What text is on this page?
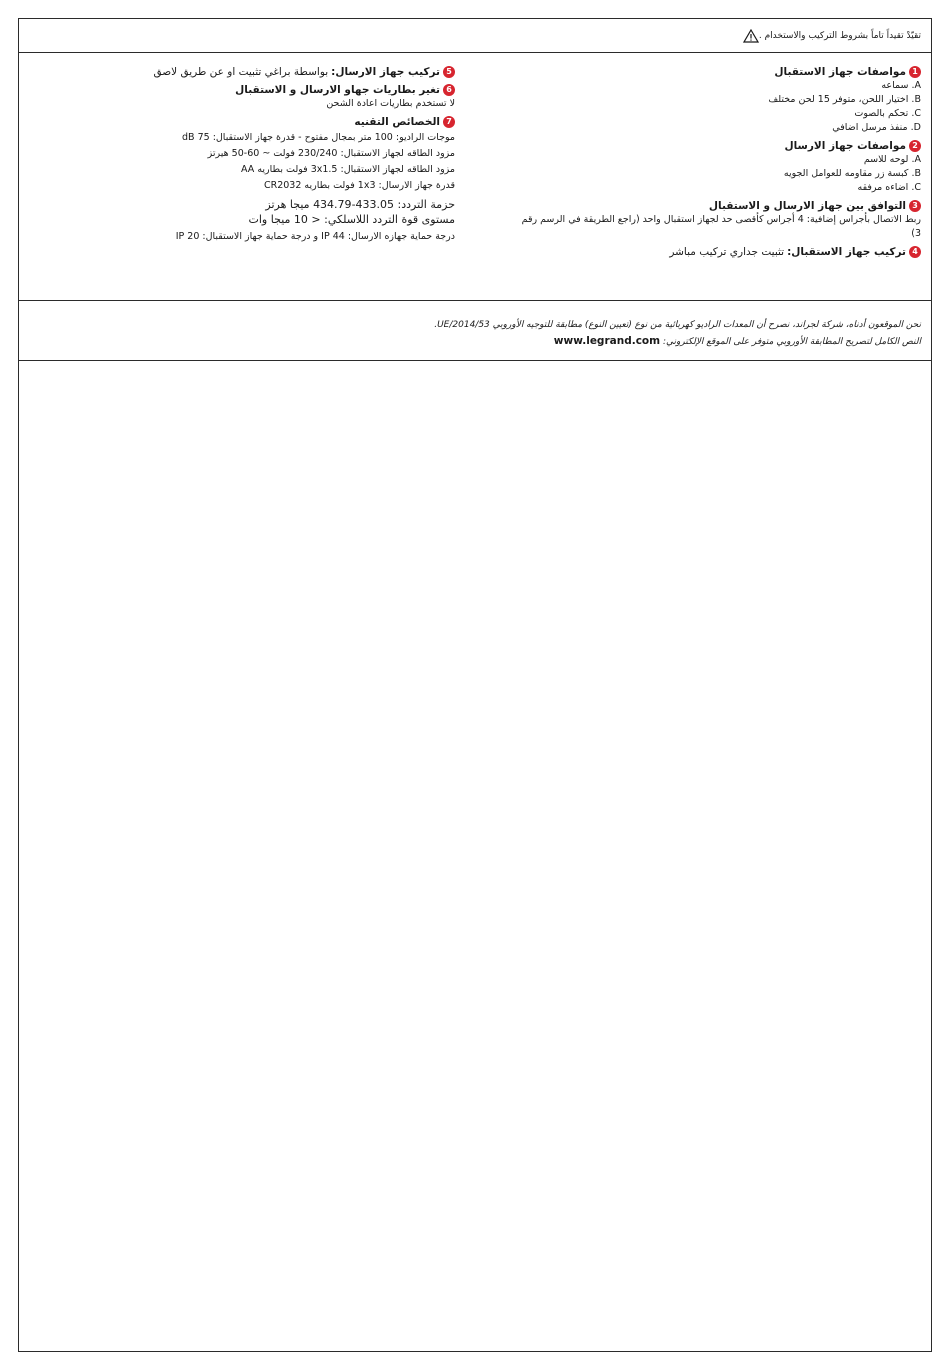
تقيّدْ تقيداً تاماً بشروط التركيب والاستخدام .
1
مواصفات جهاز الاستقبال
A. سماعه
B. اختيار اللحن، متوفر 15 لحن مختلف
C. تحكم بالصوت
D. منفذ مرسل اضافي
2
مواصفات جهاز الارسال
A. لوحه للاسم
B. كبسة زر مقاومه للعوامل الجويه
C. اضاءه مرفقه
3
التوافق بين جهاز الارسال و الاستقبال
ربط الاتصال بأجراس إضافية: 4 أجراس كأقصى حد لجهاز استقبال واحد (راجع الطريقة في الرسم رقم 3)
4
تركيب جهاز الاستقبال:
تثبيت جداري تركيب مباشر
5
تركيب جهاز الارسال:
بواسطة براغي تثبيت او عن طريق لاصق
6
تغير بطاريات جهاو الارسال و الاستقبال
لا تستخدم بطاريات اعادة الشحن
7
الخصائص التقنيه
موجات الراديو: 100 متر بمجال مفتوح - قدرة جهاز الاستقبال: 75 dB
مزود الطاقه لجهاز الاستقبال: 230/240 فولت ~ 60-50 هيرتز
مزود الطاقه لجهاز الاستقبال: 3x1.5 فولت بطاريه AA
قدرة جهاز الارسال: 1x3 فولت بطاريه CR2032
حزمة التردد: 433.05-434.79 ميجا هرتز
مستوى قوة التردد اللاسلكي: < 10 ميجا وات
درجة حماية جهازه الارسال: IP 44 و درجة حماية جهاز الاستقبال: IP 20
نحن الموقعون أدناه، شركة لجراند، نصرح أن المعدات الراديو كهربائية من نوع (تعيين النوع) مطابقة للتوجيه الأوروبي 2014/53/UE.
النص الكامل لتصريح المطابقة الأوروبي متوفر على الموقع الإلكتروني: www.legrand.com
